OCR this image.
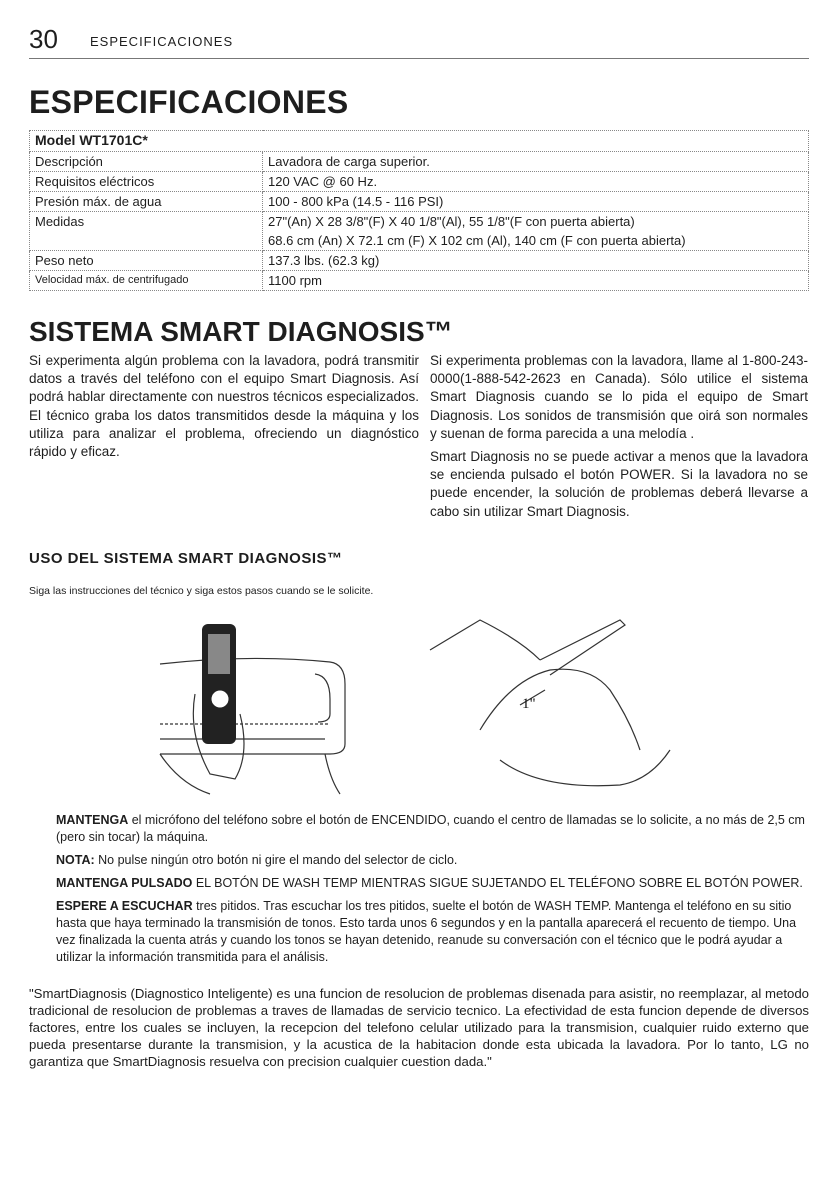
30 ESPECIFICACIONES
ESPECIFICACIONES
Model WT1701C*	
Descripción	Lavadora de carga superior.
Requisitos eléctricos	120 VAC @ 60 Hz.
Presión máx. de agua	100 - 800 kPa (14.5 - 116 PSI)
Medidas	27"(An) X 28 3/8"(F) X 40 1/8"(Al), 55 1/8"(F con puerta abierta)
68.6 cm (An) X 72.1 cm (F) X 102 cm (Al), 140 cm (F con puerta abierta)

Peso neto	137.3 lbs. (62.3 kg)
Velocidad máx. de centrifugado	1100 rpm
SISTEMA SMART DIAGNOSIS™

Si experimenta algún problema con la lavadora, podrá transmitir datos a través del teléfono con el equipo Smart Diagnosis. Así podrá hablar directamente con nuestros técnicos especializados. El técnico graba los datos transmitidos desde la máquina y los utiliza para analizar el problema, ofreciendo un diagnóstico rápido y eficaz.

Si experimenta problemas con la lavadora, llame al 1-800-243-0000(1-888-542-2623 en Canada). Sólo utilice el sistema Smart Diagnosis cuando se lo pida el equipo de Smart Diagnosis. Los sonidos de transmisión que oirá son normales y suenan de forma parecida a una melodía .

Smart Diagnosis no se puede activar a menos que la lavadora se encienda pulsado el botón POWER. Si la lavadora no se puede encender, la solución de problemas deberá llevarse a cabo sin utilizar Smart Diagnosis.

USO DEL SISTEMA SMART DIAGNOSIS™
Siga las instrucciones del técnico y siga estos pasos cuando se le solicite.
1"

MANTENGA el micrófono del teléfono sobre el botón de ENCENDIDO, cuando el centro de llamadas se lo solicite, a no más de 2,5 cm (pero sin tocar) la máquina.

NOTA: No pulse ningún otro botón ni gire el mando del selector de ciclo.

MANTENGA PULSADO EL BOTÓN DE WASH TEMP MIENTRAS SIGUE SUJETANDO EL TELÉFONO SOBRE EL BOTÓN POWER.

ESPERE A ESCUCHAR tres pitidos. Tras escuchar los tres pitidos, suelte el botón de WASH TEMP. Mantenga el teléfono en su sitio hasta que haya terminado la transmisión de tonos. Esto tarda unos 6 segundos y en la pantalla aparecerá el recuento de tiempo. Una vez finalizada la cuenta atrás y cuando los tonos se hayan detenido, reanude su conversación con el técnico que le podrá ayudar a utilizar la información transmitida para el análisis.

"SmartDiagnosis (Diagnostico Inteligente) es una funcion de resolucion de problemas disenada para asistir, no reemplazar, al metodo tradicional de resolucion de problemas a traves de llamadas de servicio tecnico. La efectividad de esta funcion depende de diversos factores, entre los cuales se incluyen, la recepcion del telefono celular utilizado para la transmision, cualquier ruido externo que pueda presentarse durante la transmision, y la acustica de la habitacion donde esta ubicada la lavadora. Por lo tanto, LG no garantiza que SmartDiagnosis resuelva con precision cualquier cuestion dada."
